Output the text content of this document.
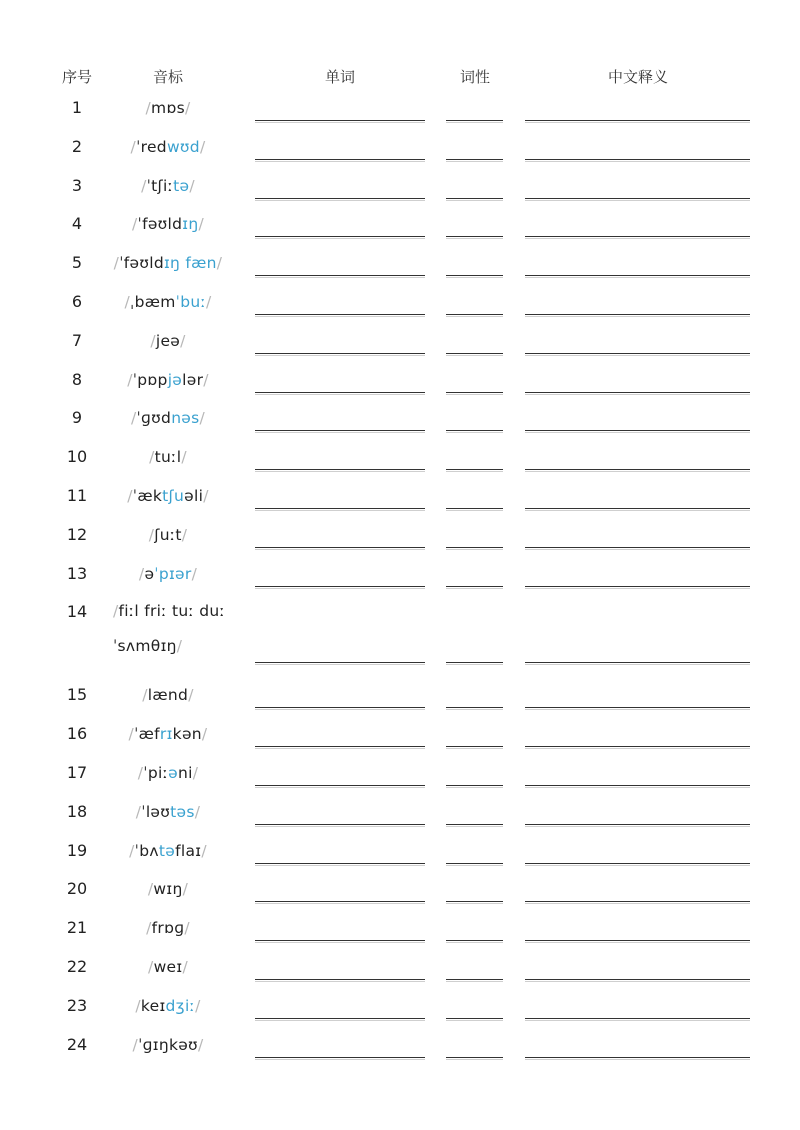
序号	音标	单词	词性	中文释义
1	/mɒs/
2	/ˈredwʊd/
3	/ˈtʃiːtə/
4	/ˈfəʊldɪŋ/
5 /ˈfəʊldɪŋ fæn/
6	/ˌbæmˈbuː/
7	/jeə/
8	/ˈpɒpjələr/
9	/ˈɡʊdnəs/
10	/tuːl/
11	/ˈæktʃuəli/
12	/ʃuːt/
13	/əˈpɪər/
14 /fiːl friː tuː duː ˈsʌmθɪŋ/
15	/lænd/
16	/ˈæfrɪkən/
17	/ˈpiːəni/
18	/ˈləʊtəs/
19	/ˈbʌtəflaɪ/
20	/wɪŋ/
21	/frɒɡ/
22	/weɪ/
23	/keɪdʒiː/
24	/ˈɡɪŋkəʊ/
